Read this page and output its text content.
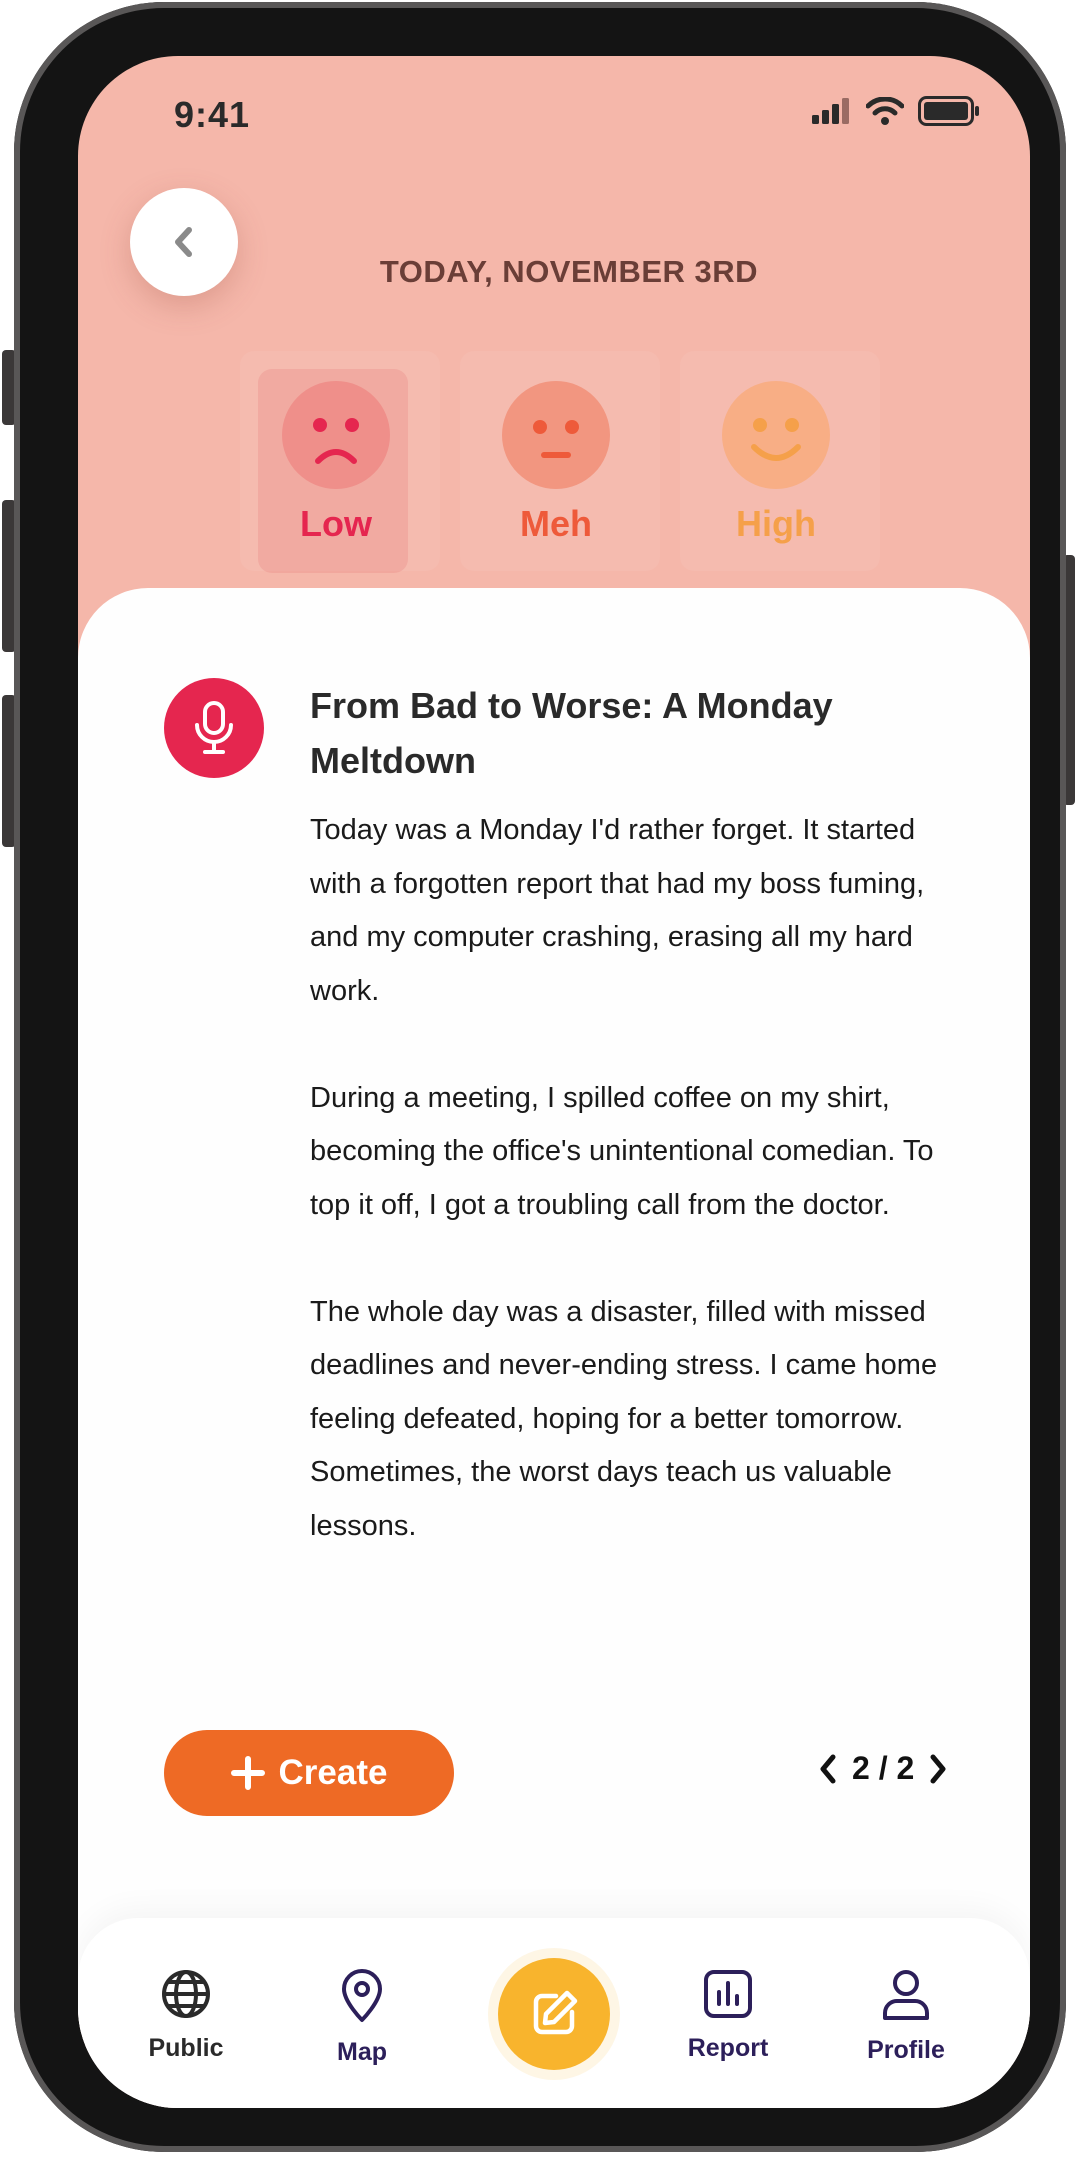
9:41
TODAY, NOVEMBER 3RD
Low	Meh	High
From Bad to Worse: A Monday Meltdown

Today was a Monday I'd rather forget. It started with a forgotten report that had my boss fuming, and my computer crashing, erasing all my hard work.

During a meeting, I spilled coffee on my shirt, becoming the office's unintentional comedian. To top it off, I got a troubling call from the doctor.

The whole day was a disaster, filled with missed deadlines and never-ending stress. I came home feeling defeated, hoping for a better tomorrow. Sometimes, the worst days teach us valuable lessons.

Create	2 / 2
Public	Map	Report	Profile
